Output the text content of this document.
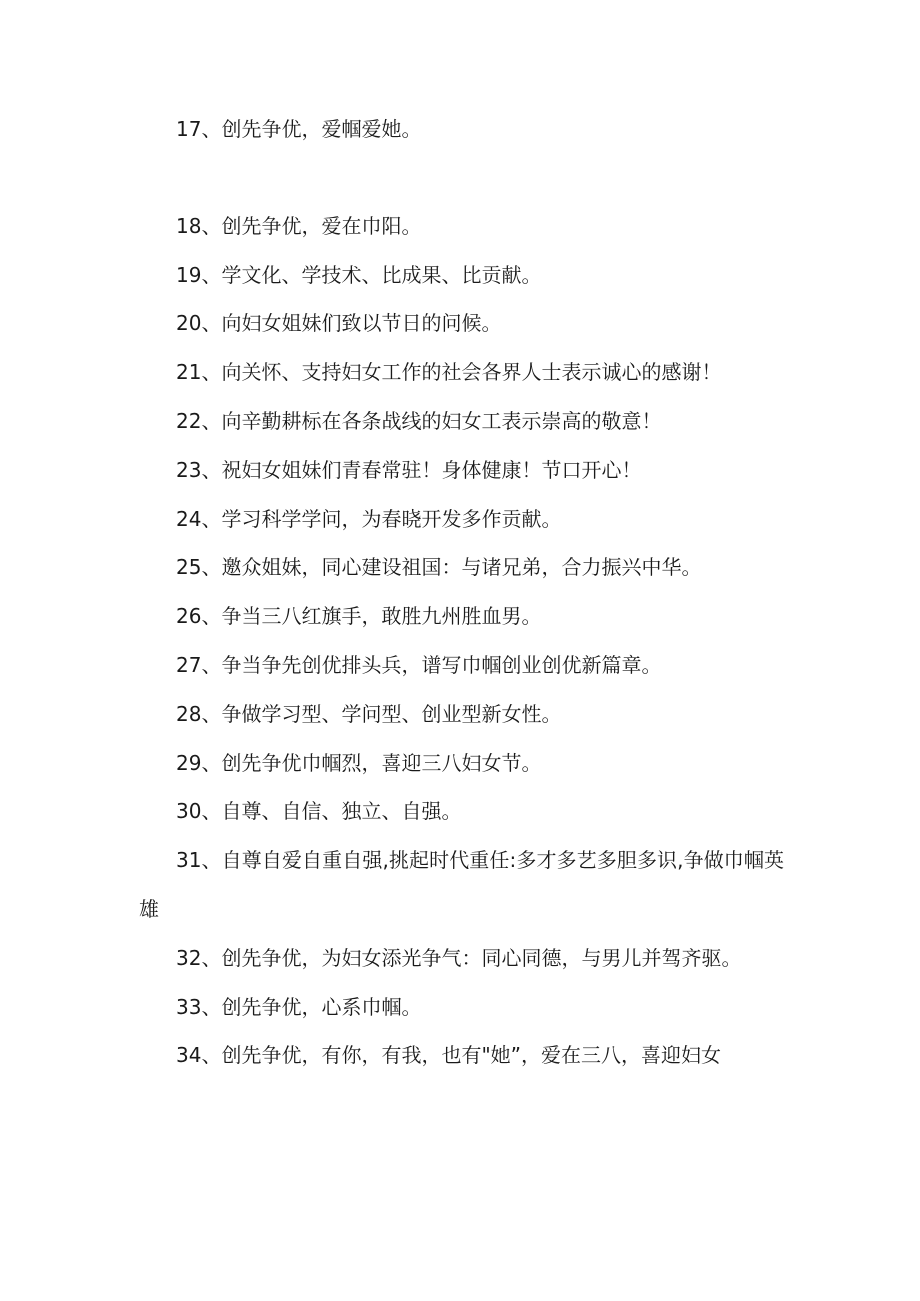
17、创先争优，爱帼爱她。
18、创先争优，爱在巾阳。
19、学文化、学技术、比成果、比贡献。
20、向妇女姐妹们致以节日的问候。
21、向关怀、支持妇女工作的社会各界人士表示诚心的感谢！
22、向辛勤耕标在各条战线的妇女工表示崇高的敬意！
23、祝妇女姐妹们青春常驻！身体健康！节口开心！
24、学习科学学问，为春晓开发多作贡献。
25、邀众姐妹，同心建设祖国：与诸兄弟，合力振兴中华。
26、争当三八红旗手，敢胜九州胜血男。
27、争当争先创优排头兵，谱写巾帼创业创优新篇章。
28、争做学习型、学问型、创业型新女性。
29、创先争优巾帼烈，喜迎三八妇女节。
30、自尊、自信、独立、自强。
31、自尊自爱自重自强,挑起时代重任:多才多艺多胆多识,争做巾帼英雄
32、创先争优，为妇女添光争气：同心同德，与男儿并驾齐驱。
33、创先争优，心系巾帼。
34、创先争优，有你，有我，也有"她”，爱在三八，喜迎妇女
